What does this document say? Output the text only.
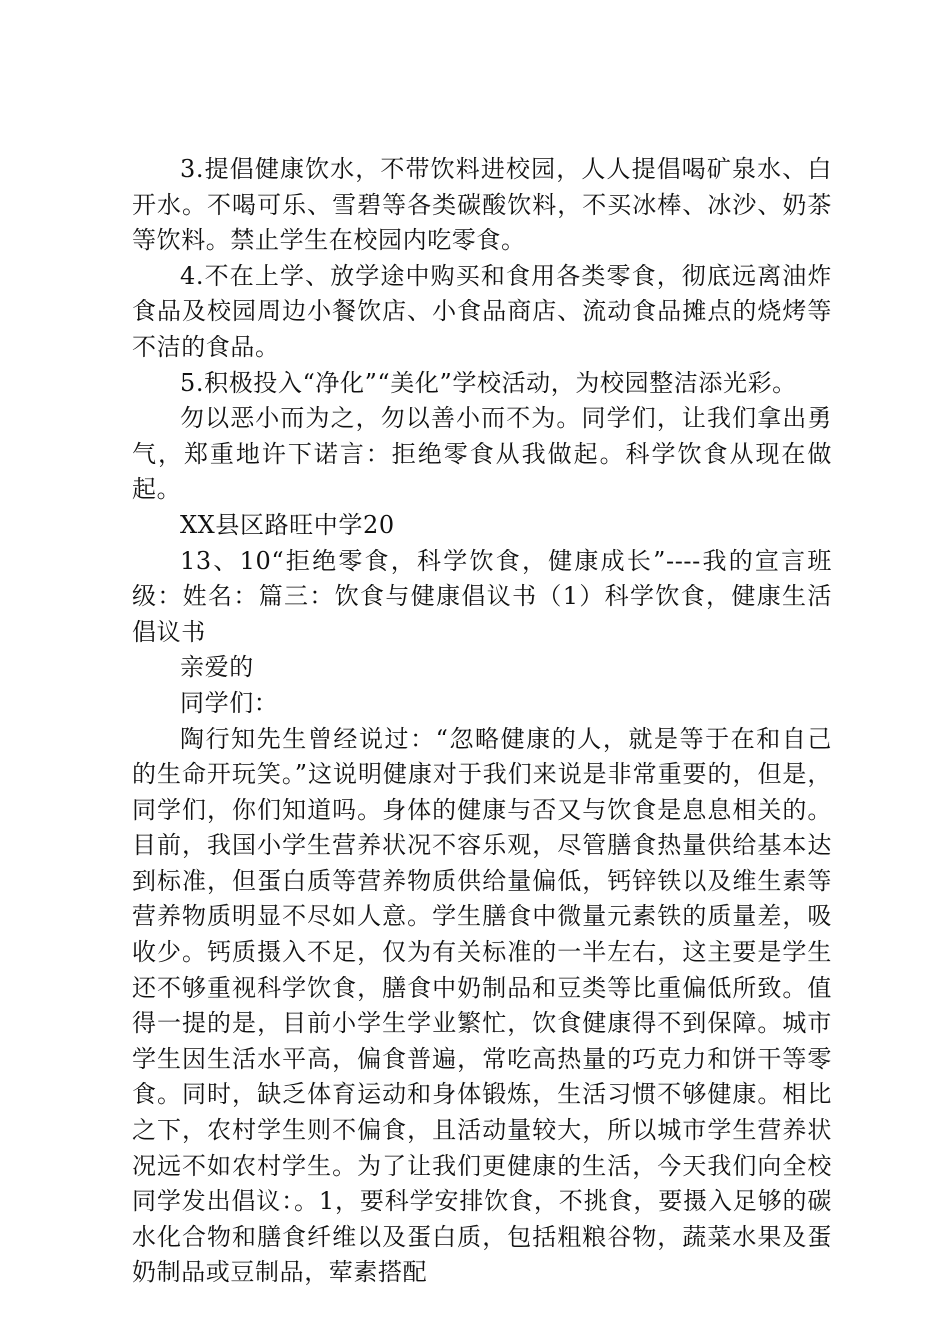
3.提倡健康饮水，不带饮料进校园，人人提倡喝矿泉水、白开水。不喝可乐、雪碧等各类碳酸饮料，不买冰棒、冰沙、奶茶等饮料。禁止学生在校园内吃零食。

4.不在上学、放学途中购买和食用各类零食，彻底远离油炸食品及校园周边小餐饮店、小食品商店、流动食品摊点的烧烤等不洁的食品。

5.积极投入“净化”“美化”学校活动，为校园整洁添光彩。

勿以恶小而为之，勿以善小而不为。同学们，让我们拿出勇气，郑重地许下诺言：拒绝零食从我做起。科学饮食从现在做起。

XX县区路旺中学20

13、10“拒绝零食，科学饮食，健康成长”----我的宣言班级：姓名：篇三：饮食与健康倡议书（1）科学饮食，健康生活倡议书

亲爱的

同学们：

陶行知先生曾经说过：“忽略健康的人，就是等于在和自己的生命开玩笑。”这说明健康对于我们来说是非常重要的，但是，同学们，你们知道吗。身体的健康与否又与饮食是息息相关的。目前，我国小学生营养状况不容乐观，尽管膳食热量供给基本达到标准，但蛋白质等营养物质供给量偏低，钙锌铁以及维生素等营养物质明显不尽如人意。学生膳食中微量元素铁的质量差，吸收少。钙质摄入不足，仅为有关标准的一半左右，这主要是学生还不够重视科学饮食，膳食中奶制品和豆类等比重偏低所致。值得一提的是，目前小学生学业繁忙，饮食健康得不到保障。城市学生因生活水平高，偏食普遍，常吃高热量的巧克力和饼干等零食。同时，缺乏体育运动和身体锻炼，生活习惯不够健康。相比之下，农村学生则不偏食，且活动量较大，所以城市学生营养状况远不如农村学生。为了让我们更健康的生活，今天我们向全校同学发出倡议：。1，要科学安排饮食，不挑食，要摄入足够的碳水化合物和膳食纤维以及蛋白质，包括粗粮谷物，蔬菜水果及蛋奶制品或豆制品，荤素搭配
